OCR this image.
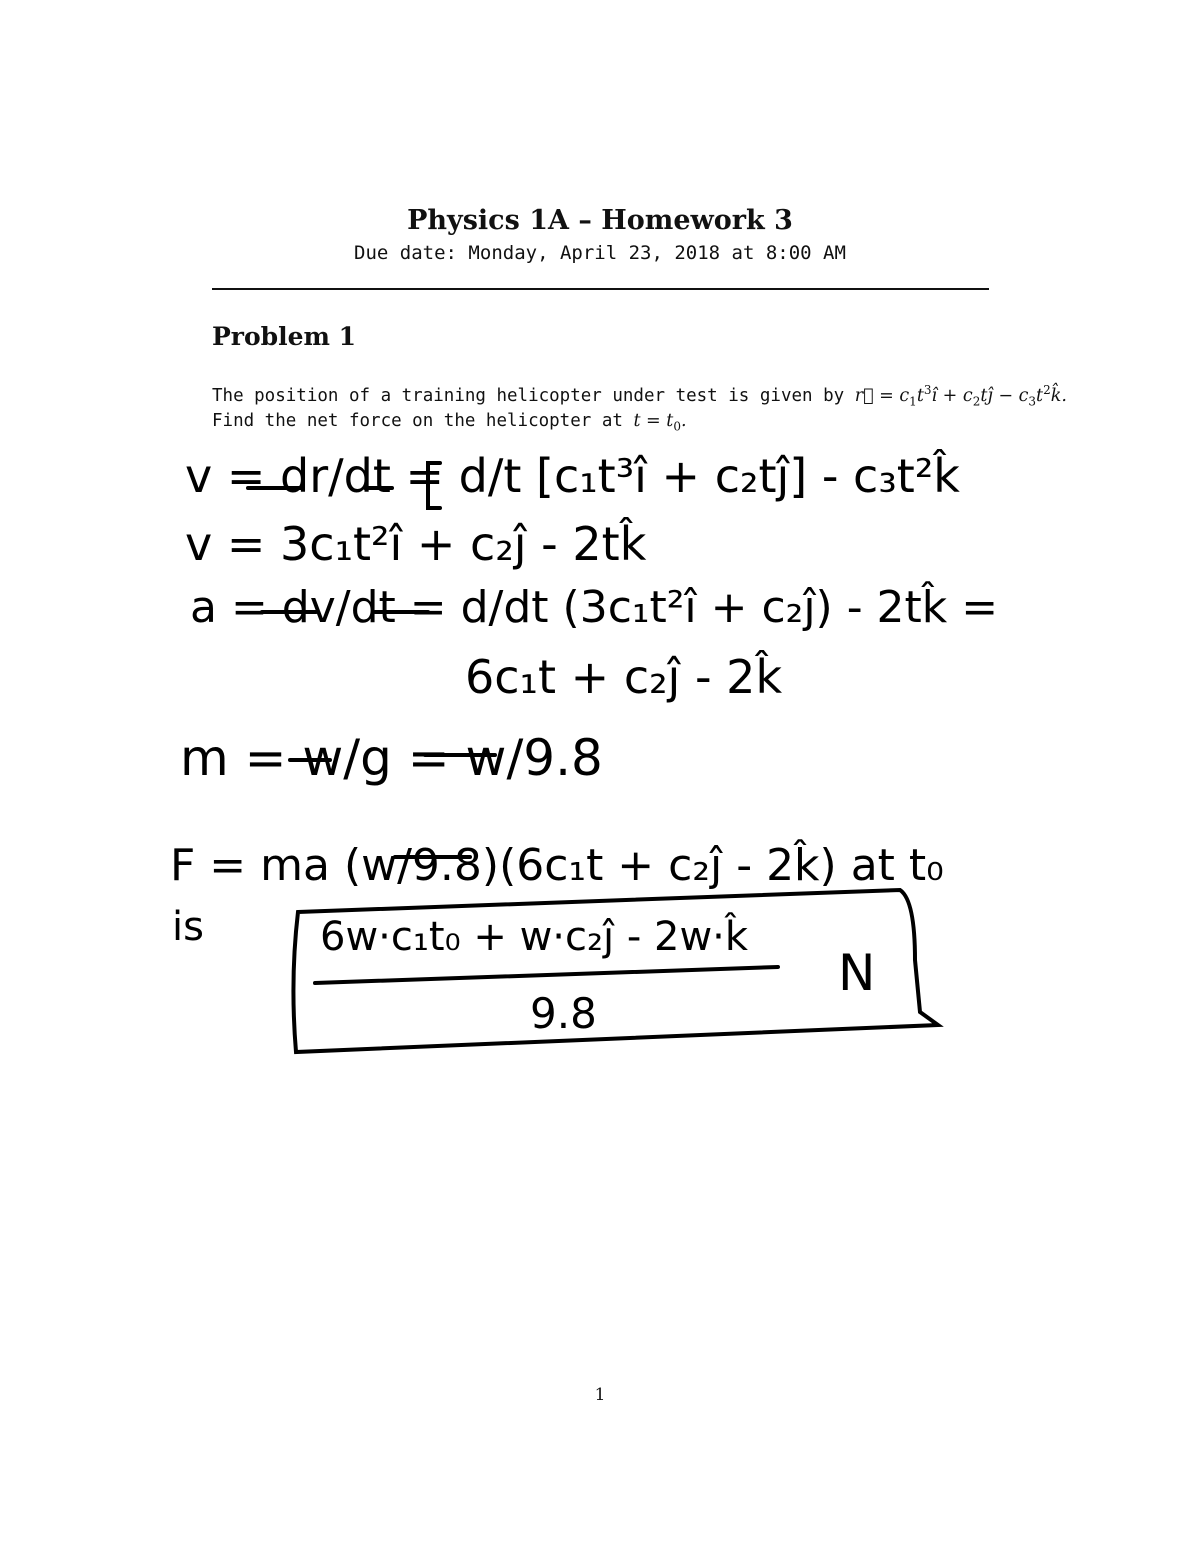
Physics 1A – Homework 3
Due date: Monday, April 23, 2018 at 8:00 AM
Problem 1
The position of a training helicopter under test is given by r⃗ = $c_1t^3î$ + $c_2tĵ$ − $c_3t^2k̂$.
Find the net force on the helicopter at $t = t_0$.
v = dr/dt = d/t [c₁t³î + c₂tĵ] - c₃t²k̂
v = 3c₁t²î + c₂ĵ - 2tk̂
a = dv/dt = d/dt (3c₁t²î + c₂ĵ) - 2tk̂ =
6c₁t + c₂ĵ - 2k̂
m = w/g = w/9.8
F = ma (w/9.8)(6c₁t + c₂ĵ - 2k̂) at t₀
is	6w·c₁t₀ + w·c₂ĵ - 2w·k̂
9.8
N
1
